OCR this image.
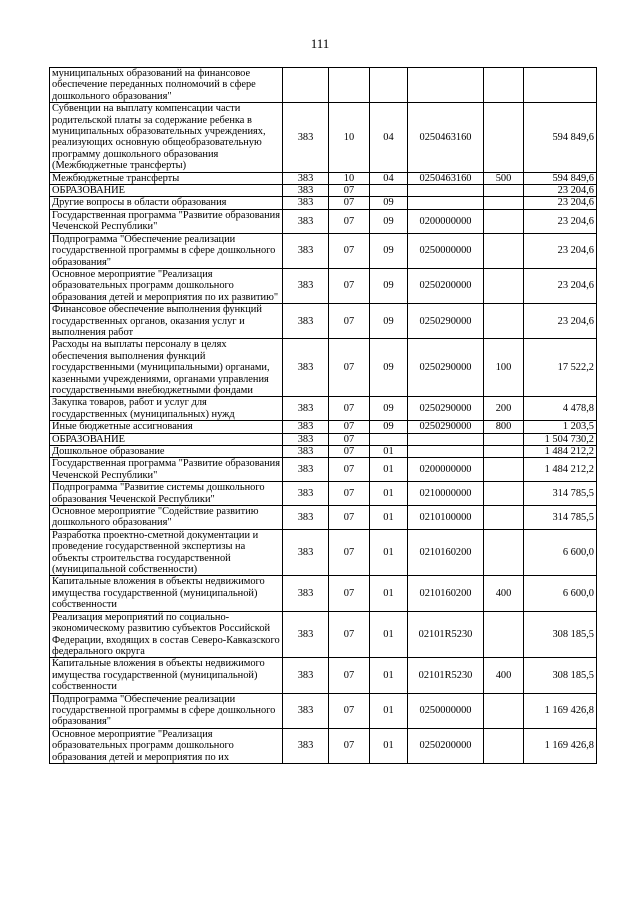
111
муниципальных образований на финансовое обеспечение переданных полномочий в сфере дошкольного образования"						
Субвенции на выплату компенсации части родительской платы за содержание ребенка в муниципальных образовательных учреждениях, реализующих основную общеобразовательную программу дошкольного образования (Межбюджетные трансферты)	383	10	04	0250463160		594 849,6
Межбюджетные трансферты	383	10	04	0250463160	500	594 849,6
ОБРАЗОВАНИЕ	383	07				23 204,6
Другие вопросы в области образования	383	07	09			23 204,6
Государственная программа "Развитие образования Чеченской Республики"	383	07	09	0200000000		23 204,6
Подпрограмма "Обеспечение реализации государственной программы в сфере дошкольного образования"	383	07	09	0250000000		23 204,6
Основное мероприятие "Реализация образовательных программ дошкольного образования детей и мероприятия по их развитию"	383	07	09	0250200000		23 204,6
Финансовое обеспечение выполнения функций государственных органов, оказания услуг и выполнения работ	383	07	09	0250290000		23 204,6
Расходы на выплаты персоналу в целях обеспечения выполнения функций государственными (муниципальными) органами, казенными учреждениями, органами управления государственными внебюджетными фондами	383	07	09	0250290000	100	17 522,2
Закупка товаров, работ и услуг для государственных (муниципальных) нужд	383	07	09	0250290000	200	4 478,8
Иные бюджетные ассигнования	383	07	09	0250290000	800	1 203,5
ОБРАЗОВАНИЕ	383	07				1 504 730,2
Дошкольное образование	383	07	01			1 484 212,2
Государственная программа "Развитие образования Чеченской Республики"	383	07	01	0200000000		1 484 212,2
Подпрограмма "Развитие системы дошкольного образования Чеченской Республики"	383	07	01	0210000000		314 785,5
Основное мероприятие "Содействие развитию дошкольного образования"	383	07	01	0210100000		314 785,5
Разработка проектно-сметной документации и проведение государственной экспертизы на объекты строительства государственной (муниципальной собственности)	383	07	01	0210160200		6 600,0
Капитальные вложения в объекты недвижимого имущества государственной (муниципальной) собственности	383	07	01	0210160200	400	6 600,0
Реализация мероприятий по социально-экономическому развитию субъектов Российской Федерации, входящих в состав Северо-Кавказского федерального округа	383	07	01	02101R5230		308 185,5
Капитальные вложения в объекты недвижимого имущества государственной (муниципальной) собственности	383	07	01	02101R5230	400	308 185,5
Подпрограмма "Обеспечение реализации государственной программы в сфере дошкольного образования"	383	07	01	0250000000		1 169 426,8
Основное мероприятие "Реализация образовательных программ дошкольного образования детей и мероприятия по их	383	07	01	0250200000		1 169 426,8
